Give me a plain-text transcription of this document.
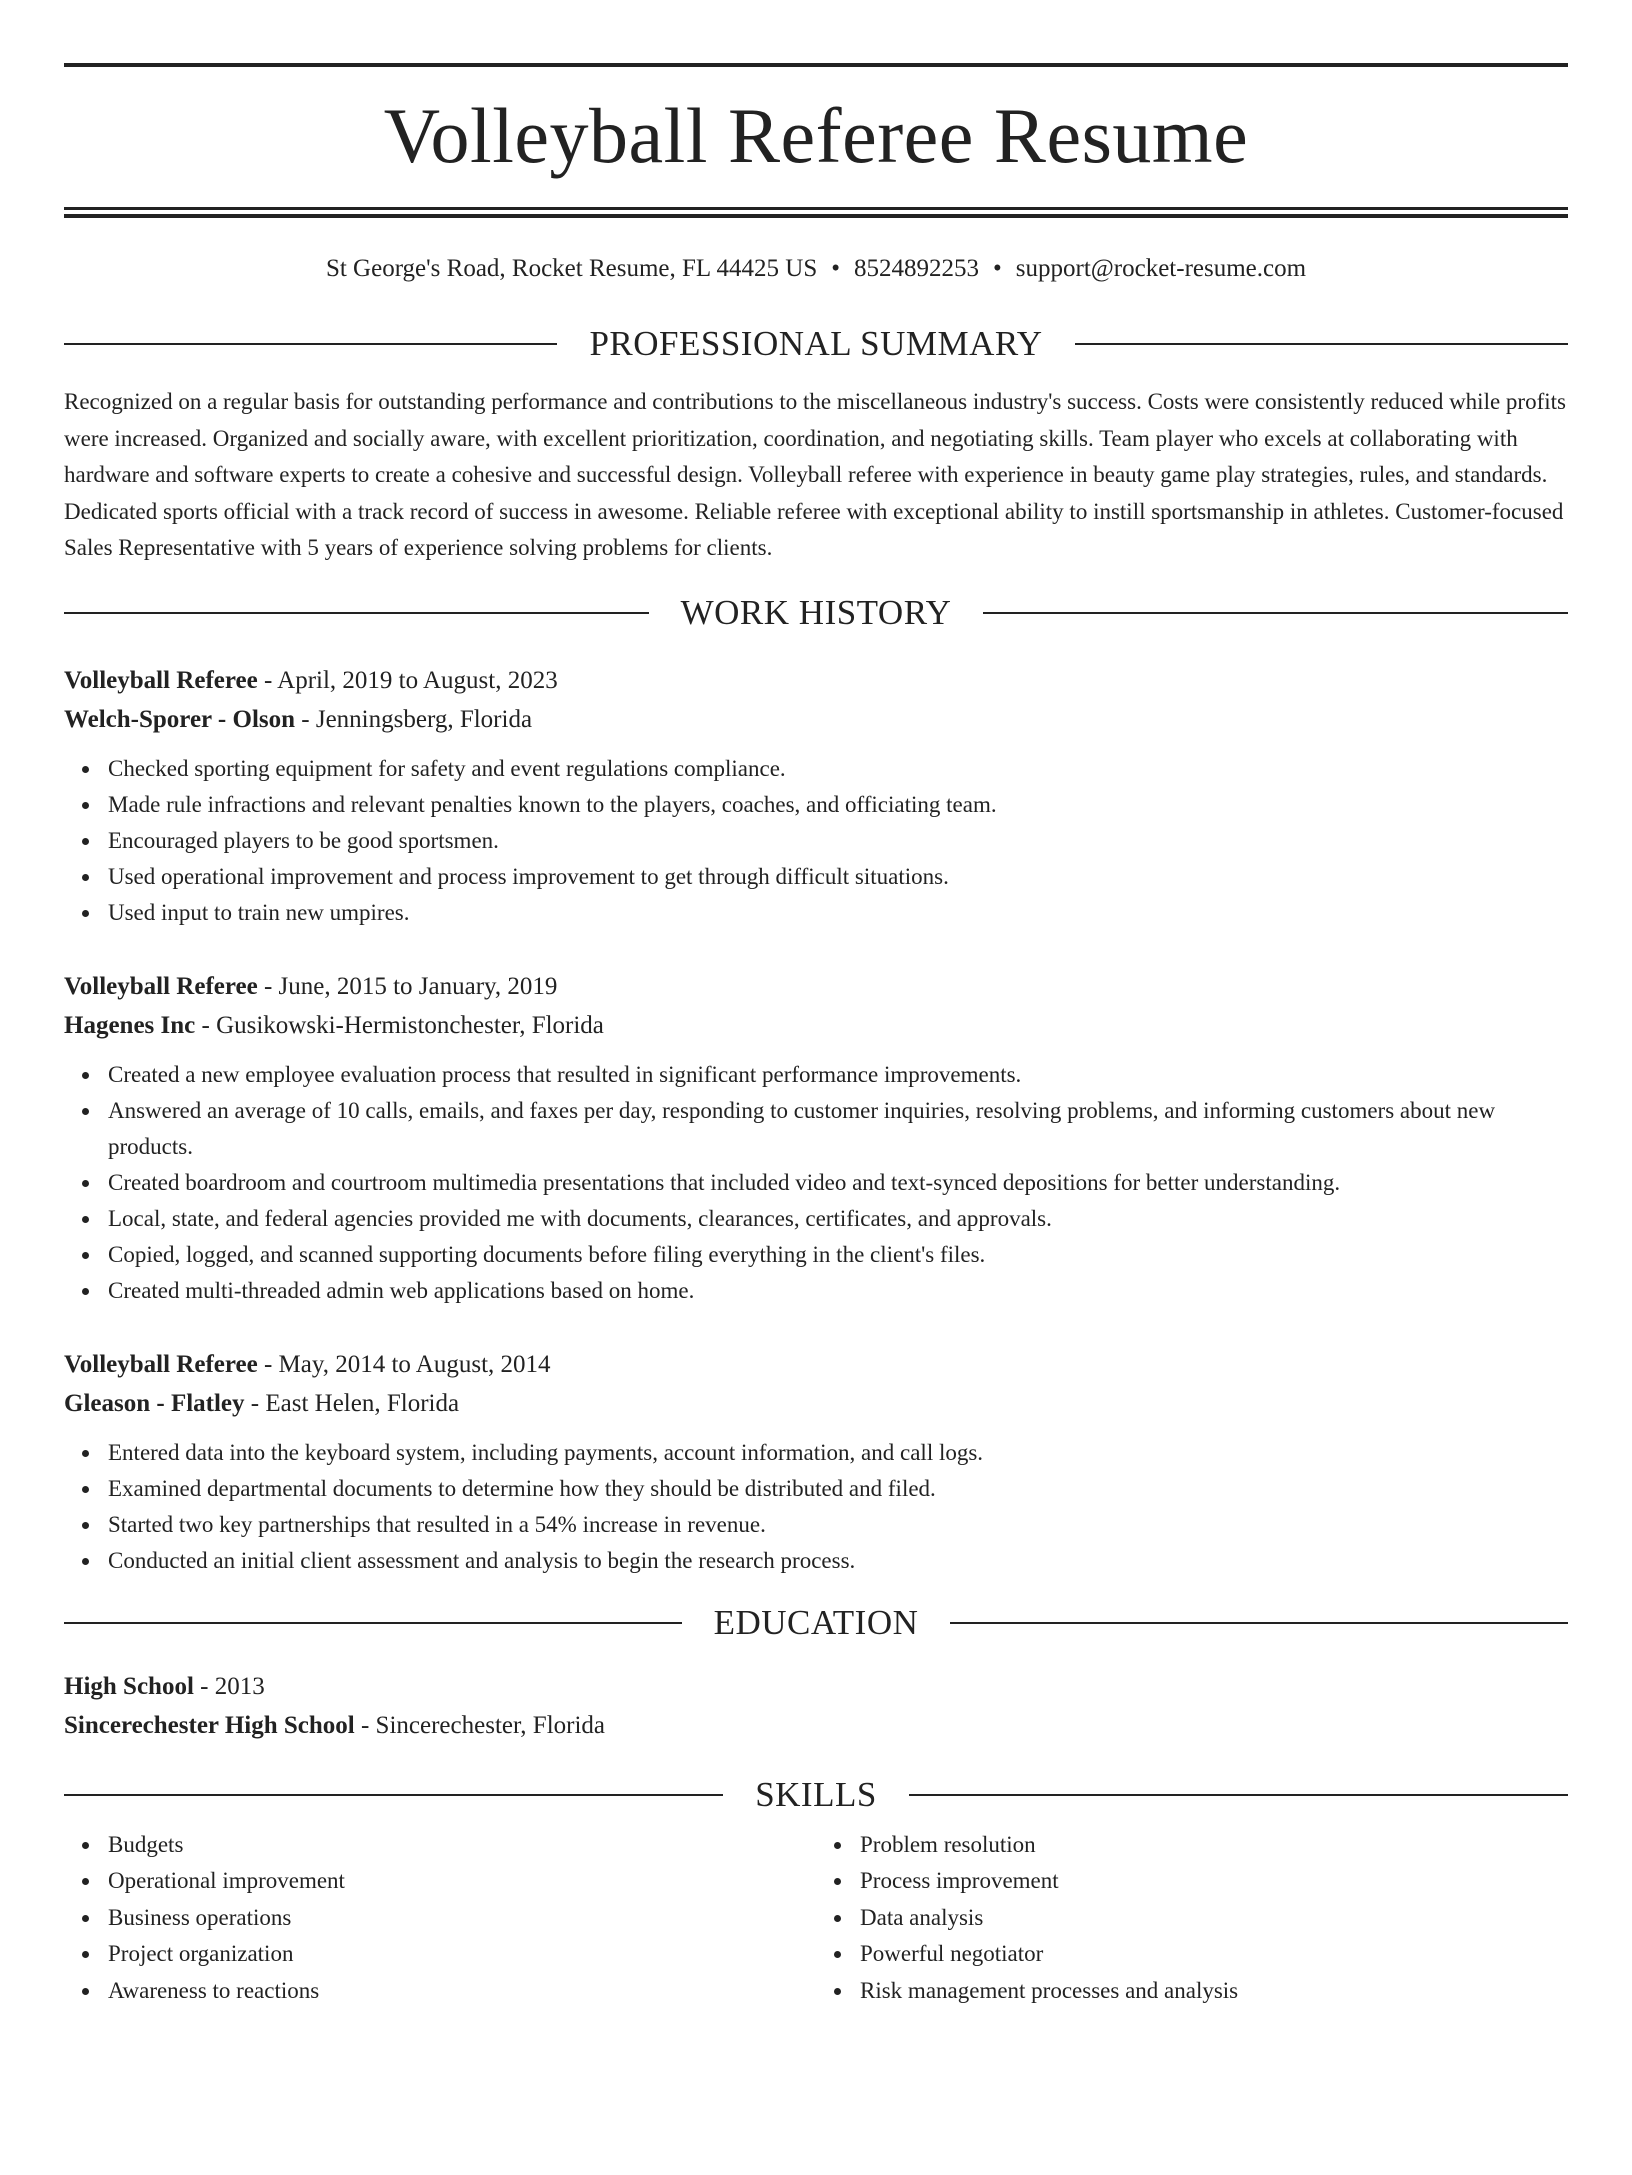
Volleyball Referee Resume
St George's Road, Rocket Resume, FL 44425 US • 8524892253 • support@rocket-resume.com
PROFESSIONAL SUMMARY

Recognized on a regular basis for outstanding performance and contributions to the miscellaneous industry's success. Costs were consistently reduced while profits were increased. Organized and socially aware, with excellent prioritization, coordination, and negotiating skills. Team player who excels at collaborating with hardware and software experts to create a cohesive and successful design. Volleyball referee with experience in beauty game play strategies, rules, and standards. Dedicated sports official with a track record of success in awesome. Reliable referee with exceptional ability to instill sportsmanship in athletes. Customer-focused Sales Representative with 5 years of experience solving problems for clients.

WORK HISTORY
Volleyball Referee - April, 2019 to August, 2023
Welch-Sporer - Olson - Jenningsberg, Florida
Checked sporting equipment for safety and event regulations compliance.
Made rule infractions and relevant penalties known to the players, coaches, and officiating team.
Encouraged players to be good sportsmen.
Used operational improvement and process improvement to get through difficult situations.
Used input to train new umpires.
Volleyball Referee - June, 2015 to January, 2019
Hagenes Inc - Gusikowski-Hermistonchester, Florida
Created a new employee evaluation process that resulted in significant performance improvements.
Answered an average of 10 calls, emails, and faxes per day, responding to customer inquiries, resolving problems, and informing customers about new products.
Created boardroom and courtroom multimedia presentations that included video and text-synced depositions for better understanding.
Local, state, and federal agencies provided me with documents, clearances, certificates, and approvals.
Copied, logged, and scanned supporting documents before filing everything in the client's files.
Created multi-threaded admin web applications based on home.
Volleyball Referee - May, 2014 to August, 2014
Gleason - Flatley - East Helen, Florida
Entered data into the keyboard system, including payments, account information, and call logs.
Examined departmental documents to determine how they should be distributed and filed.
Started two key partnerships that resulted in a 54% increase in revenue.
Conducted an initial client assessment and analysis to begin the research process.
EDUCATION
High School - 2013
Sincerechester High School - Sincerechester, Florida
SKILLS
Budgets
Operational improvement
Business operations
Project organization
Awareness to reactions
Problem resolution
Process improvement
Data analysis
Powerful negotiator
Risk management processes and analysis
